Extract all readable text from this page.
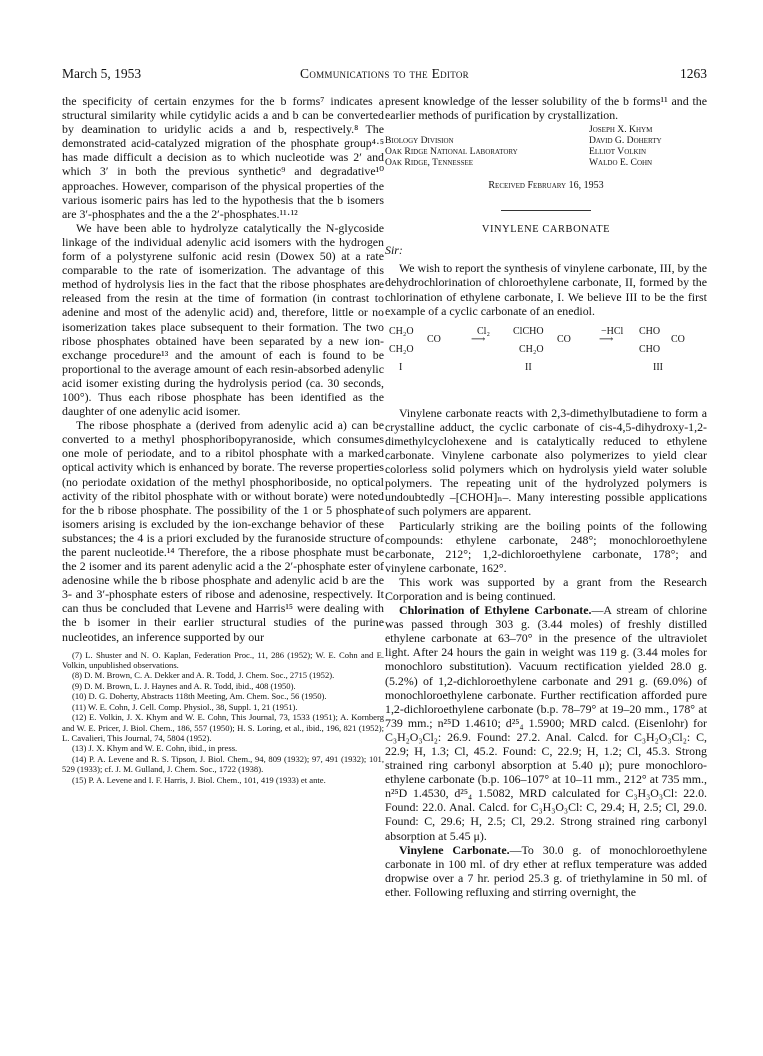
March 5, 1953	Communications to the Editor	1263

the specificity of certain enzymes for the b forms⁷ indicates a structural similarity while cytidylic acids a and b can be converted by deamination to uridylic acids a and b, respectively.⁸ The demonstrated acid-catalyzed migration of the phosphate group⁴·⁵ has made difficult a decision as to which nucleotide was 2′ and which 3′ in both the previous synthetic⁹ and degradative¹⁰ approaches. However, comparison of the physical properties of the various isomeric pairs has led to the hypothesis that the b isomers are 3′-phosphates and the a the 2′-phosphates.¹¹·¹²

We have been able to hydrolyze catalytically the N-glycoside linkage of the individual adenylic acid isomers with the hydrogen form of a polystyrene sulfonic acid resin (Dowex 50) at a rate comparable to the rate of isomerization. The advantage of this method of hydrolysis lies in the fact that the ribose phosphates are released from the resin at the time of formation (in contrast to adenine and most of the adenylic acid) and, therefore, little or no isomerization takes place subsequent to their formation. The two ribose phosphates obtained have been separated by a new ion-exchange procedure¹³ and the amount of each is found to be proportional to the average amount of each resin-absorbed adenylic acid isomer existing during the hydrolysis period (ca. 30 seconds, 100°). Thus each ribose phosphate has been identified as the daughter of one adenylic acid isomer.

The ribose phosphate a (derived from adenylic acid a) can be converted to a methyl phosphoribopyranoside, which consumes one mole of periodate, and to a ribitol phosphate with a marked optical activity which is enhanced by borate. The reverse properties (no periodate oxidation of the methyl phosphoriboside, no optical activity of the ribitol phosphate with or without borate) were noted for the b ribose phosphate. The possibility of the 1 or 5 phosphate isomers arising is excluded by the ion-exchange behavior of these substances; the 4 is a priori excluded by the furanoside structure of the parent nucleotide.¹⁴ Therefore, the a ribose phosphate must be the 2 isomer and its parent adenylic acid a the 2′-phosphate ester of adenosine while the b ribose phosphate and adenylic acid b are the 3- and 3′-phosphate esters of ribose and adenosine, respectively. It can thus be concluded that Levene and Harris¹⁵ were dealing with the b isomer in their earlier structural studies of the purine nucleotides, an inference supported by our

(7) L. Shuster and N. O. Kaplan, Federation Proc., 11, 286 (1952); W. E. Cohn and E. Volkin, unpublished observations.
(8) D. M. Brown, C. A. Dekker and A. R. Todd, J. Chem. Soc., 2715 (1952).
(9) D. M. Brown, L. J. Haynes and A. R. Todd, ibid., 408 (1950).
(10) D. G. Doherty, Abstracts 118th Meeting, Am. Chem. Soc., 56 (1950).
(11) W. E. Cohn, J. Cell. Comp. Physiol., 38, Suppl. 1, 21 (1951).
(12) E. Volkin, J. X. Khym and W. E. Cohn, This Journal, 73, 1533 (1951); A. Kornberg and W. E. Pricer, J. Biol. Chem., 186, 557 (1950); H. S. Loring, et al., ibid., 196, 821 (1952); L. Cavalieri, This Journal, 74, 5804 (1952).
(13) J. X. Khym and W. E. Cohn, ibid., in press.
(14) P. A. Levene and R. S. Tipson, J. Biol. Chem., 94, 809 (1932); 97, 491 (1932); 101, 529 (1933); cf. J. M. Gulland, J. Chem. Soc., 1722 (1938).
(15) P. A. Levene and I. F. Harris, J. Biol. Chem., 101, 419 (1933) et ante.

present knowledge of the lesser solubility of the b forms¹¹ and the earlier methods of purification by crystallization.

Biology Division
Oak Ridge National Laboratory
Oak Ridge, Tennessee
Joseph X. Khym
David G. Doherty
Elliot Volkin
Waldo E. Cohn
Received February 16, 1953
VINYLENE CARBONATE
Sir:

We wish to report the synthesis of vinylene carbonate, III, by the dehydrochlorination of chloroethylene carbonate, II, formed by the chlorination of ethylene carbonate, I. We believe III to be the first example of a cyclic carbonate of an enediol.

CH₂O
CO
CH₂O
Cl₂
⟶
ClCHO
CO
CH₂O
−HCl
⟶
CHO
CO
CHO
I	II	III

Vinylene carbonate reacts with 2,3-dimethylbutadiene to form a crystalline adduct, the cyclic carbonate of cis-4,5-dihydroxy-1,2-dimethylcyclohexene and is catalytically reduced to ethylene carbonate. Vinylene carbonate also polymerizes to yield clear colorless solid polymers which on hydrolysis yield water soluble polymers. The repeating unit of the hydrolyzed polymers is undoubtedly –[CHOH]ₙ–. Many interesting possible applications of such polymers are apparent.

Particularly striking are the boiling points of the following compounds: ethylene carbonate, 248°; monochloroethylene carbonate, 212°; 1,2-dichloroethylene carbonate, 178°; and vinylene carbonate, 162°.

This work was supported by a grant from the Research Corporation and is being continued.

Chlorination of Ethylene Carbonate.—A stream of chlorine was passed through 303 g. (3.44 moles) of freshly distilled ethylene carbonate at 63–70° in the presence of the ultraviolet light. After 24 hours the gain in weight was 119 g. (3.44 moles for monochloro substitution). Vacuum rectification yielded 28.0 g. (5.2%) of 1,2-dichloroethylene carbonate and 291 g. (69.0%) of monochloroethylene carbonate. Further rectification afforded pure 1,2-dichloroethylene carbonate (b.p. 78–79° at 19–20 mm., 178° at 739 mm.; n²⁵D 1.4610; d²⁵₄ 1.5900; MRD calcd. (Eisenlohr) for C₃H₂O₃Cl₂: 26.9. Found: 27.2. Anal. Calcd. for C₃H₂O₃Cl₂: C, 22.9; H, 1.3; Cl, 45.2. Found: C, 22.9; H, 1.2; Cl, 45.3. Strong strained ring carbonyl absorption at 5.40 μ); pure monochloro-ethylene carbonate (b.p. 106–107° at 10–11 mm., 212° at 735 mm., n²⁵D 1.4530, d²⁵₄ 1.5082, MRD calculated for C₃H₃O₃Cl: 22.0. Found: 22.0. Anal. Calcd. for C₃H₃O₃Cl: C, 29.4; H, 2.5; Cl, 29.0. Found: C, 29.6; H, 2.5; Cl, 29.2. Strong strained ring carbonyl absorption at 5.45 μ).

Vinylene Carbonate.—To 30.0 g. of monochloroethylene carbonate in 100 ml. of dry ether at reflux temperature was added dropwise over a 7 hr. period 25.3 g. of triethylamine in 50 ml. of ether. Following refluxing and stirring overnight, the
